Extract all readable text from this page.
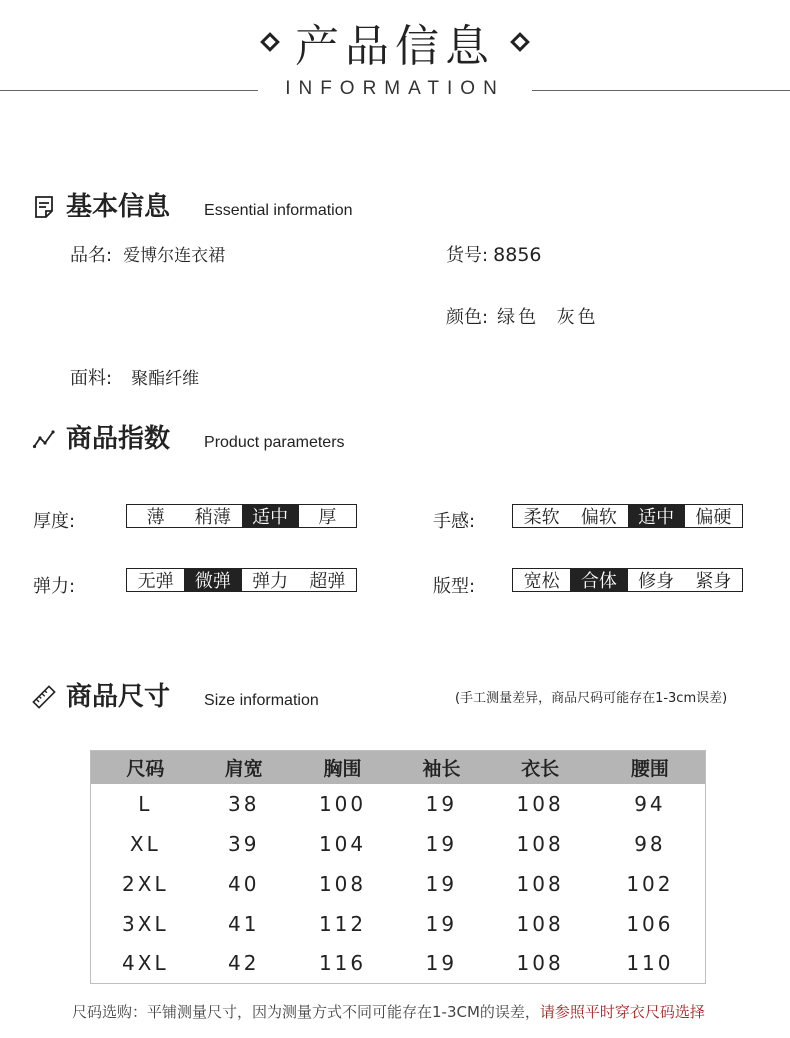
产品信息
INFORMATION
基本信息 Essential information
品名: 爱博尔连衣裙	货号: 8856
颜色: 绿色  灰色
面料: 聚酯纤维
商品指数 Product parameters
厚度:	薄	稍薄	适中	厚	手感:	柔软	偏软	适中	偏硬
弹力:	无弹	微弹	弹力	超弹	版型:	宽松	合体	修身	紧身
商品尺寸 Size information	(手工测量差异，商品尺码可能存在1-3cm误差)
尺码	肩宽	胸围	袖长	衣长	腰围
L	38	100	19	108	94
XL	39	104	19	108	98
2XL	40	108	19	108	102
3XL	41	112	19	108	106
4XL	42	116	19	108	110
尺码选购：平铺测量尺寸，因为测量方式不同可能存在1-3CM的误差，请参照平时穿衣尺码选择
